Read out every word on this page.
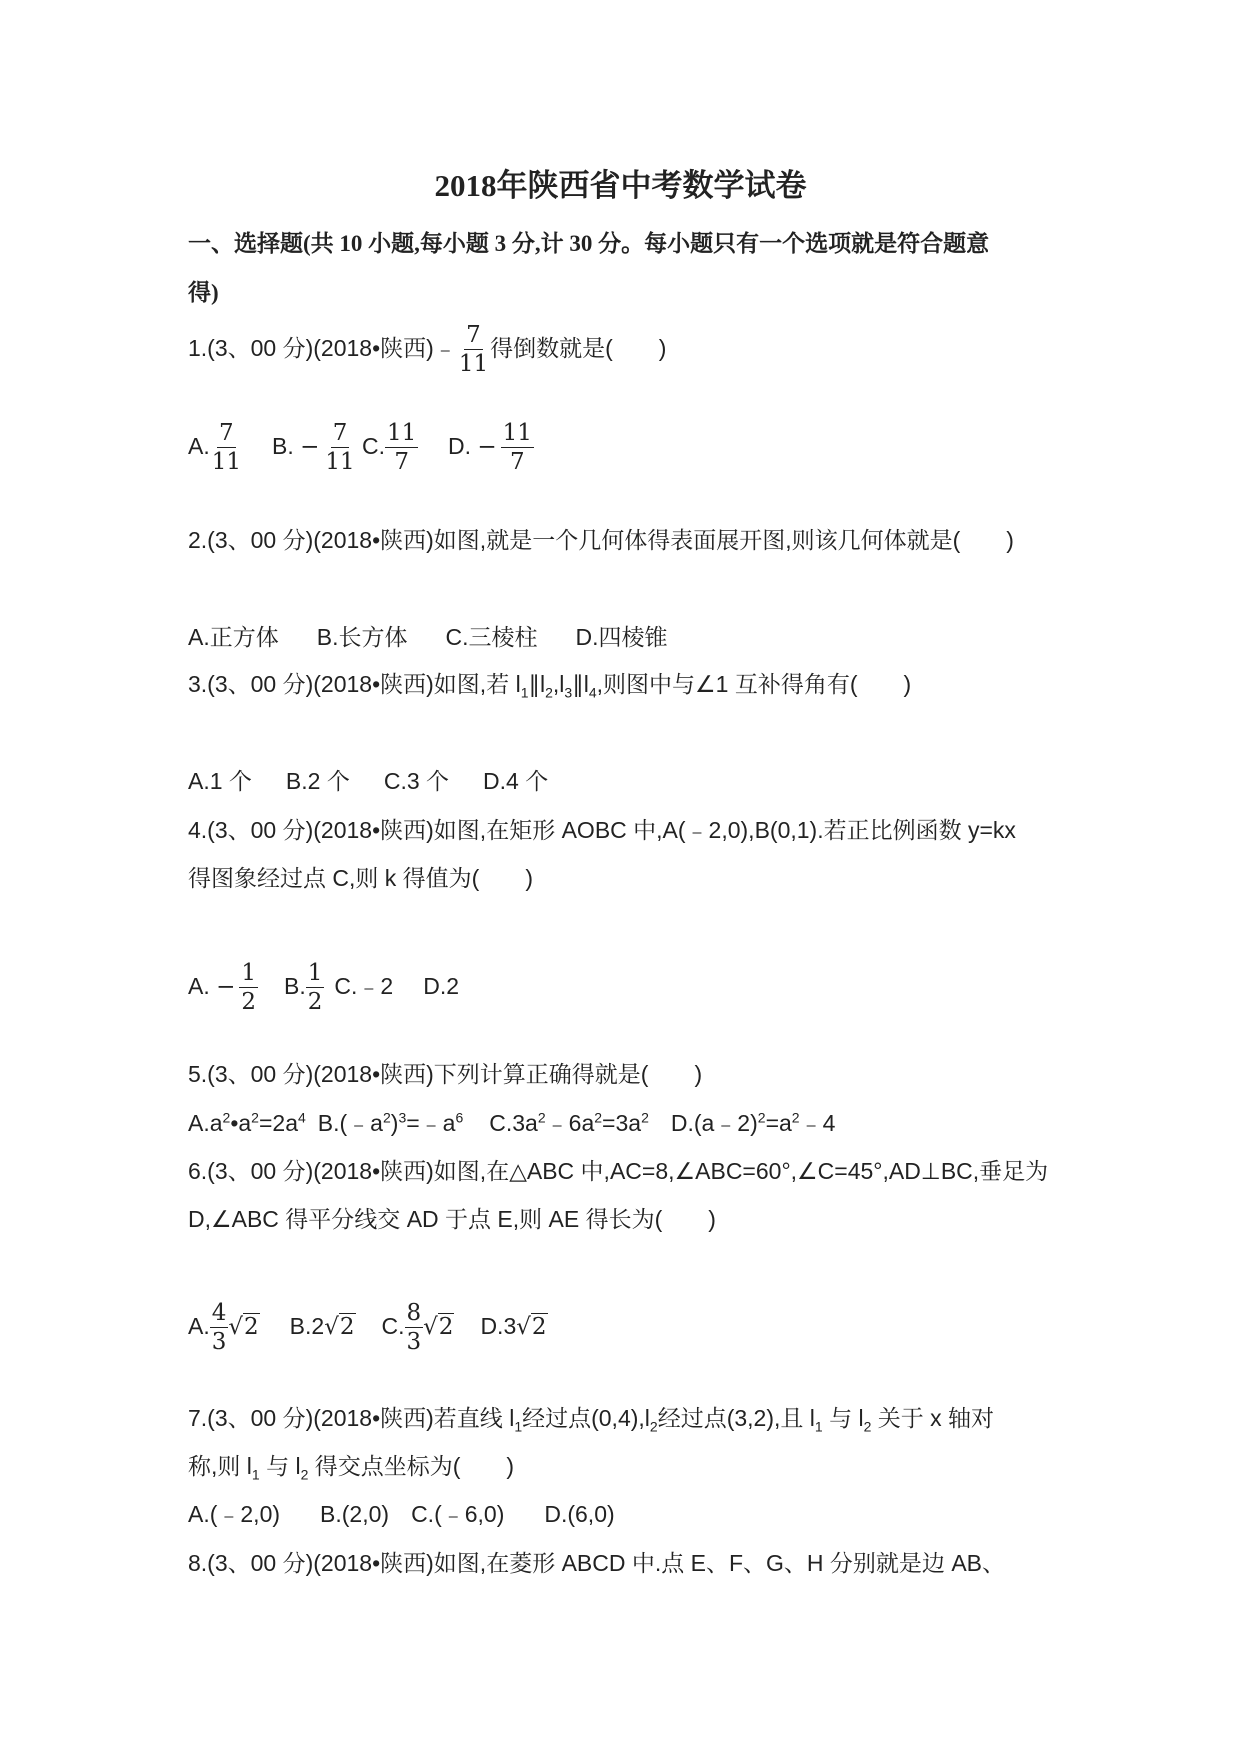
2018年陕西省中考数学试卷
一、选择题(共 10 小题,每小题 3 分,计 30 分。每小题只有一个选项就是符合题意
得)
1.(3、00 分)(2018•陕西)﹣ $\frac{7}{11}$ 得倒数就是(　　)
A. $\frac{7}{11} B$. − $\frac{7}{11} C$. $\frac{11}{7} D$. − $\frac{11}{7}$
2.(3、00 分)(2018•陕西)如图,就是一个几何体得表面展开图,则该几何体就是(　　)
A.正方体 B.长方体 C.三棱柱 D.四棱锥
3.(3、00 分)(2018•陕西)如图,若 $l_1\parallel l_2,l_3\parallel l_4$,则图中与∠1 互补得角有(　　)
A.1 个 B.2 个 C.3 个 D.4 个
4.(3、00 分)(2018•陕西)如图,在矩形 AOBC 中,A(﹣2,0),B(0,1).若正比例函数 y=kx
得图象经过点 C,则 k 得值为(　　)
A. − $\frac{1}{2} B$. $\frac{1}{2}$ C.﹣2 D.2
5.(3、00 分)(2018•陕西)下列计算正确得就是(　　)
$A.a^2•a^2=2a^4$ $B.(﹣a^2)^3=﹣a^6$ $C.3a^2﹣6a^2=3a^2$ $D.(a﹣2)^2=a^2﹣4$
6.(3、00 分)(2018•陕西)如图,在△ABC 中,AC=8,∠ABC=60°,∠C=45°,AD⊥BC,垂足为
D,∠ABC 得平分线交 AD 于点 E,则 AE 得长为(　　)
A. $\frac{4}{3} √2$ B.2√2 C. $\frac{8}{3} √2$ D.3√2
7.(3、00 分)(2018•陕西)若直线 $l_1$经过点$(0,4),l_2$经过点(3,2),且 $l_1$ 与 $l_2$ 关于 x 轴对
称,则 $l_1$ 与 $l_2$ 得交点坐标为(　　)
A.(﹣2,0) B.(2,0) C.(﹣6,0) D.(6,0)
8.(3、00 分)(2018•陕西)如图,在菱形 ABCD 中.点 E、F、G、H 分别就是边 AB、
